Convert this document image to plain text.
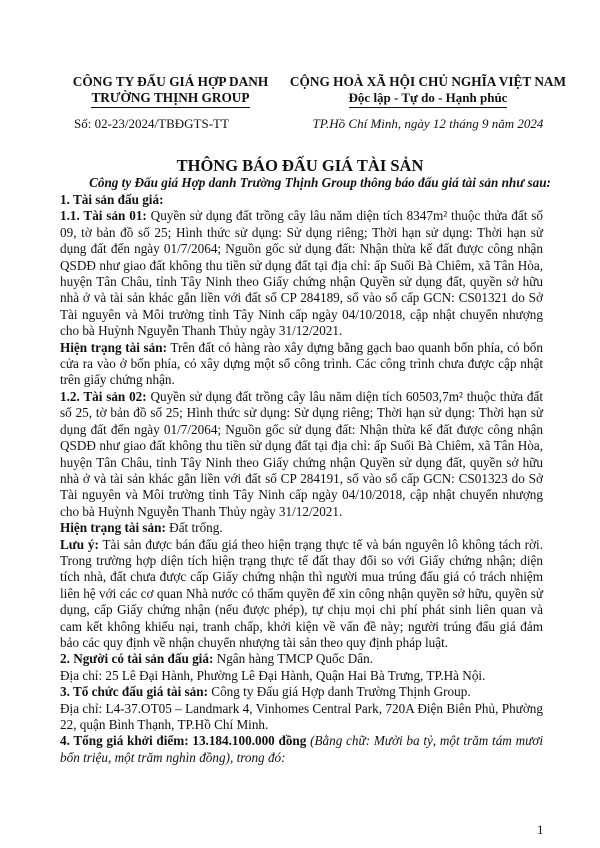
CÔNG TY ĐẤU GIÁ HỢP DANH
TRƯỜNG THỊNH GROUP
CỘNG HOÀ XÃ HỘI CHỦ NGHĨA VIỆT NAM
Độc lập - Tự do - Hạnh phúc
Số: 02-23/2024/TBĐGTS-TT	TP.Hồ Chí Minh, ngày 12 tháng 9 năm 2024
THÔNG BÁO ĐẤU GIÁ TÀI SẢN
Công ty Đấu giá Hợp danh Trường Thịnh Group thông báo đấu giá tài sản như sau:

1. Tài sản đấu giá:

1.1. Tài sản 01: Quyền sử dụng đất trồng cây lâu năm diện tích 8347m² thuộc thửa đất số 09, tờ bản đồ số 25; Hình thức sử dụng: Sử dụng riêng; Thời hạn sử dụng: Thời hạn sử dụng đất đến ngày 01/7/2064; Nguồn gốc sử dụng đất: Nhận thừa kế đất được công nhận QSDĐ như giao đất không thu tiền sử dụng đất tại địa chỉ: ấp Suối Bà Chiêm, xã Tân Hòa, huyện Tân Châu, tỉnh Tây Ninh theo Giấy chứng nhận Quyền sử dụng đất, quyền sở hữu nhà ở và tài sản khác gắn liền với đất số CP 284189, số vào sổ cấp GCN: CS01321 do Sở Tài nguyên và Môi trường tỉnh Tây Ninh cấp ngày 04/10/2018, cập nhật chuyển nhượng cho bà Huỳnh Nguyễn Thanh Thủy ngày 31/12/2021.

Hiện trạng tài sản: Trên đất có hàng rào xây dựng bằng gạch bao quanh bốn phía, có bốn cửa ra vào ở bốn phía, có xây dựng một số công trình. Các công trình chưa được cập nhật trên giấy chứng nhận.

1.2. Tài sản 02: Quyền sử dụng đất trồng cây lâu năm diện tích 60503,7m² thuộc thửa đất số 25, tờ bản đồ số 25; Hình thức sử dụng: Sử dụng riêng; Thời hạn sử dụng: Thời hạn sử dụng đất đến ngày 01/7/2064; Nguồn gốc sử dụng đất: Nhận thừa kế đất được công nhận QSDĐ như giao đất không thu tiền sử dụng đất tại địa chỉ: ấp Suối Bà Chiêm, xã Tân Hòa, huyện Tân Châu, tỉnh Tây Ninh theo Giấy chứng nhận Quyền sử dụng đất, quyền sở hữu nhà ở và tài sản khác gắn liền với đất số CP 284191, số vào sổ cấp GCN: CS01323 do Sở Tài nguyên và Môi trường tỉnh Tây Ninh cấp ngày 04/10/2018, cập nhật chuyển nhượng cho bà Huỳnh Nguyễn Thanh Thủy ngày 31/12/2021.

Hiện trạng tài sản: Đất trống.

Lưu ý: Tài sản được bán đấu giá theo hiện trạng thực tế và bán nguyên lô không tách rời. Trong trường hợp diện tích hiện trạng thực tế đất thay đổi so với Giấy chứng nhận; diện tích nhà, đất chưa được cấp Giấy chứng nhận thì người mua trúng đấu giá có trách nhiệm liên hệ với các cơ quan Nhà nước có thẩm quyền để xin công nhận quyền sở hữu, quyền sử dụng, cấp Giấy chứng nhận (nếu được phép), tự chịu mọi chi phí phát sinh liên quan và cam kết không khiếu nại, tranh chấp, khởi kiện về vấn đề này; người trúng đấu giá đảm bảo các quy định về nhận chuyển nhượng tài sản theo quy định pháp luật.

2. Người có tài sản đấu giá: Ngân hàng TMCP Quốc Dân.

Địa chỉ: 25 Lê Đại Hành, Phường Lê Đại Hành, Quận Hai Bà Trưng, TP.Hà Nội.

3. Tổ chức đấu giá tài sản: Công ty Đấu giá Hợp danh Trường Thịnh Group.

Địa chỉ: L4-37.OT05 – Landmark 4, Vinhomes Central Park, 720A Điện Biên Phủ, Phường 22, quận Bình Thạnh, TP.Hồ Chí Minh.

4. Tổng giá khởi điểm: 13.184.100.000 đồng (Bằng chữ: Mười ba tỷ, một trăm tám mươi bốn triệu, một trăm nghìn đồng), trong đó:

1
